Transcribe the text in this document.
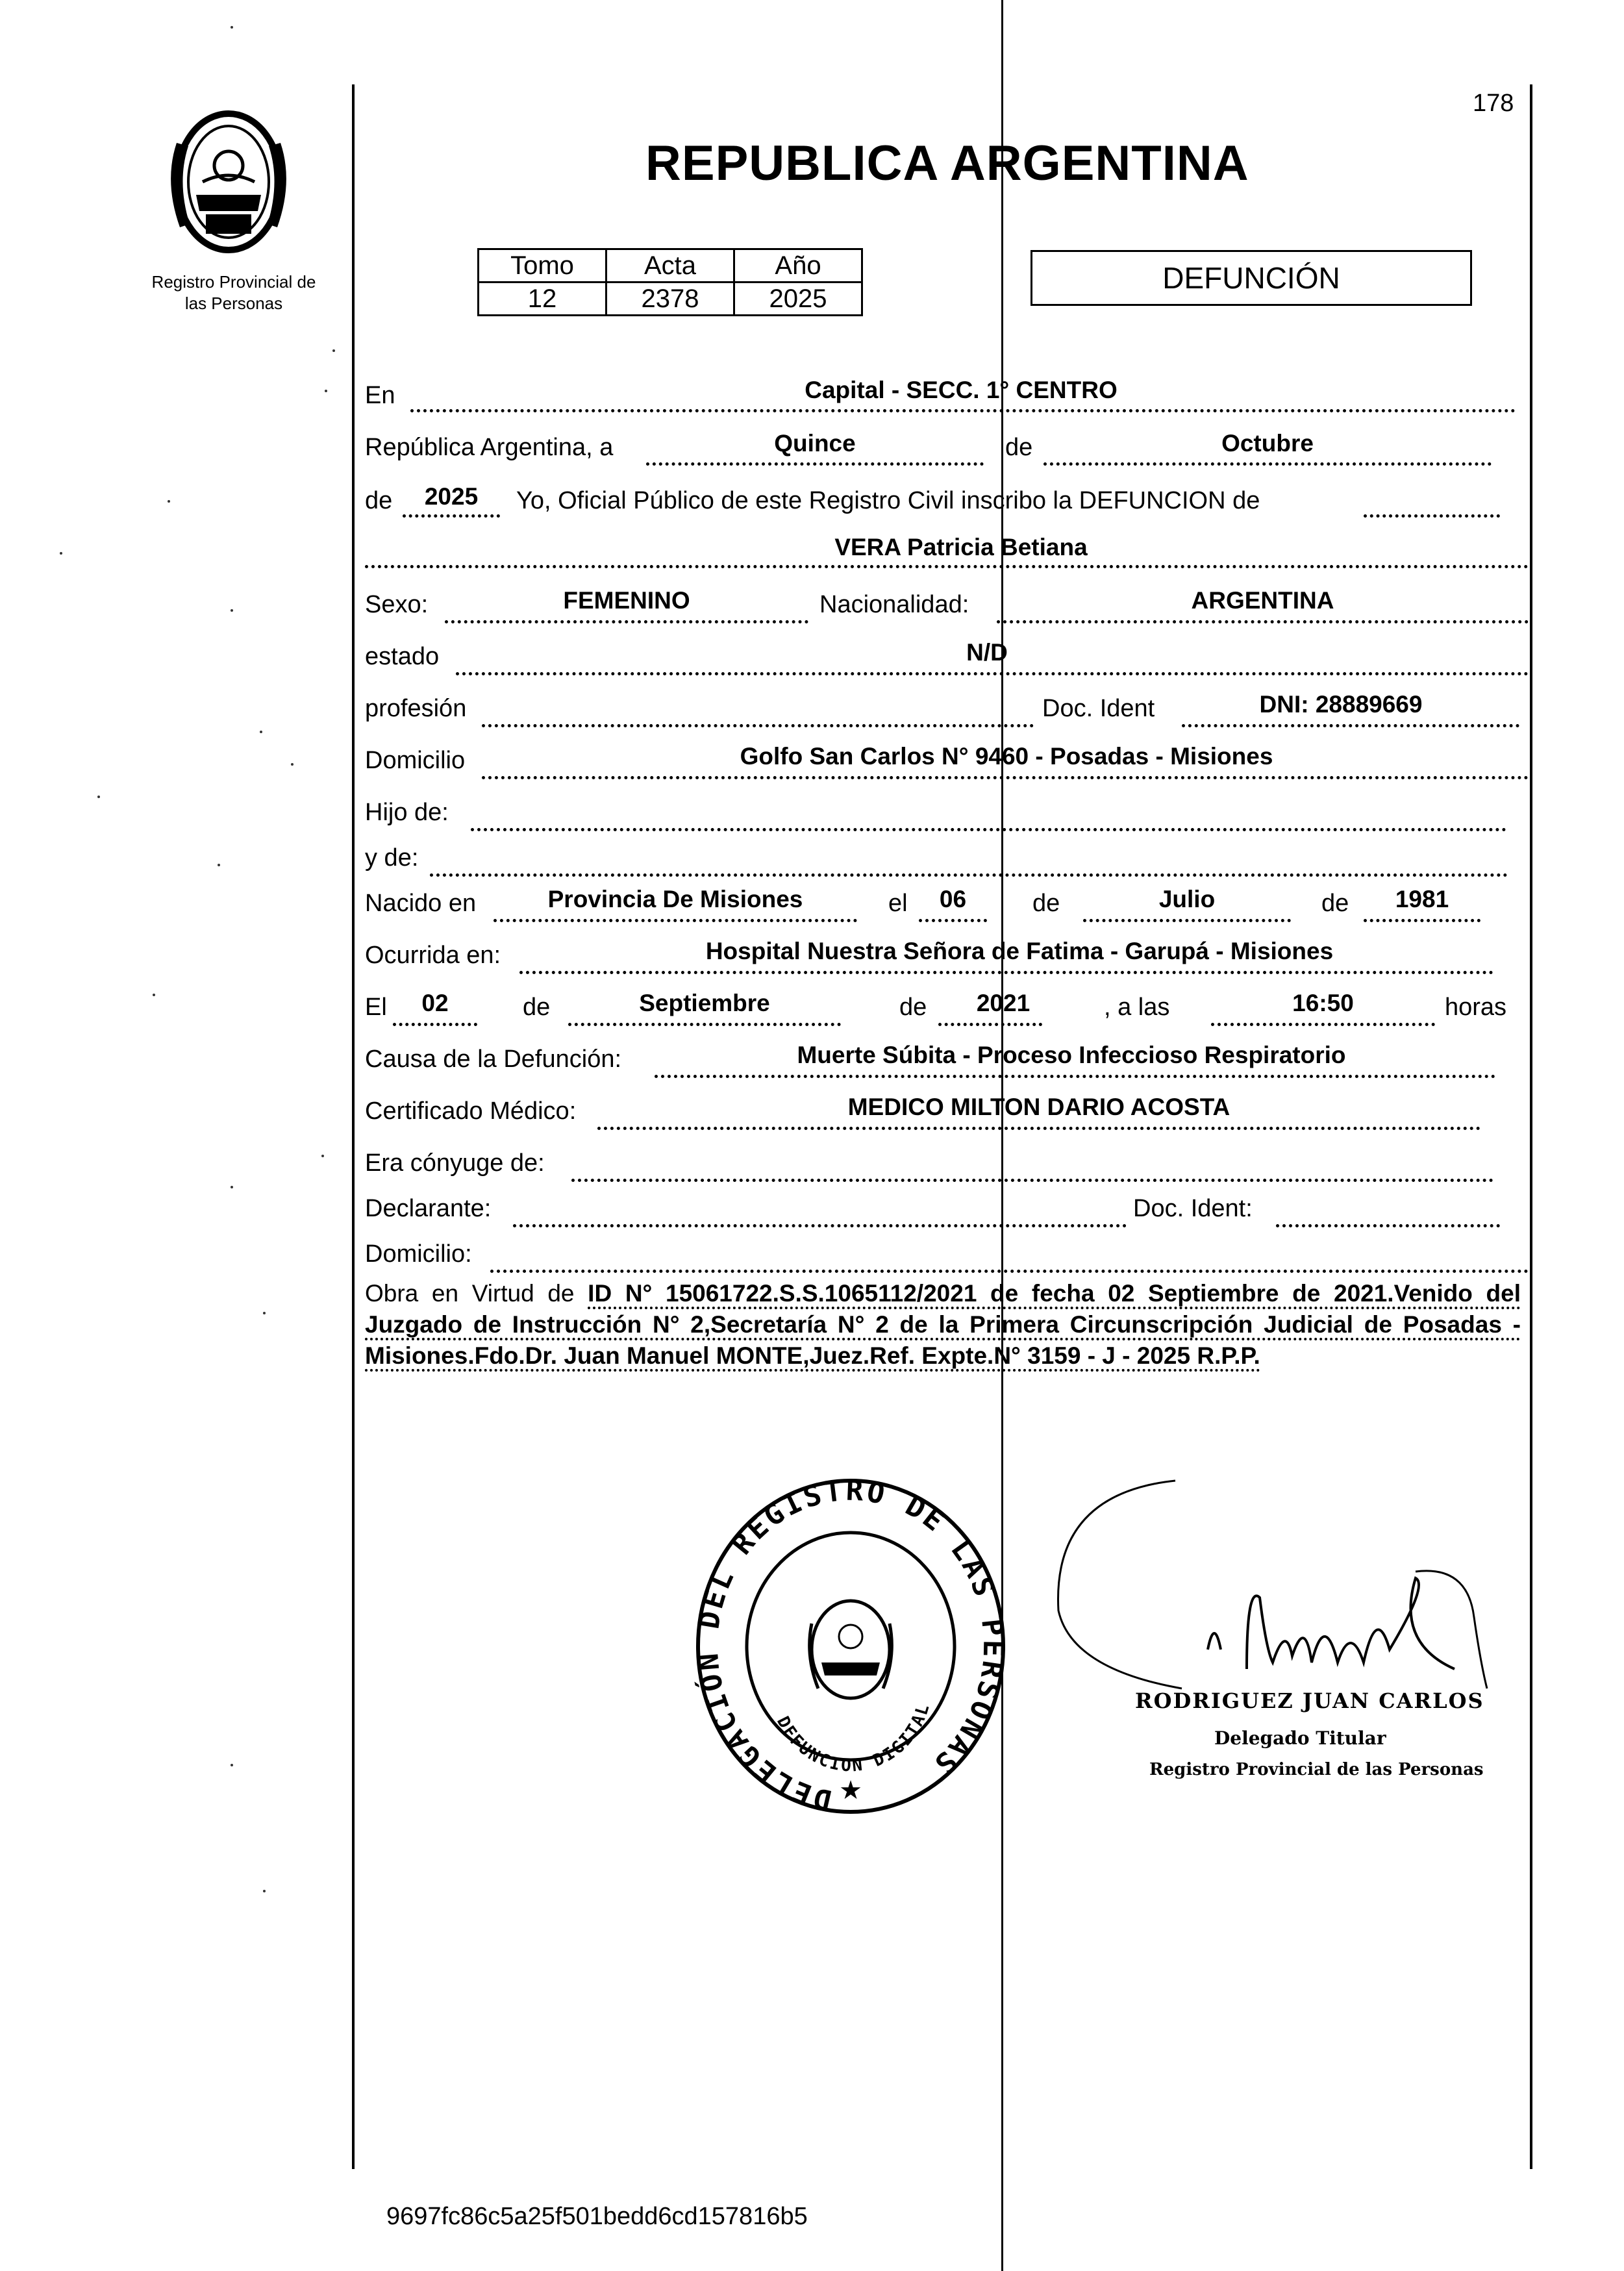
Registro Provincial de
las Personas
178
REPUBLICA ARGENTINA
Tomo	Acta	Año
12	2378	2025
DEFUNCIÓN
En	Capital - SECC. 1° CENTRO
República Argentina, a	Quince	de	Octubre
de	2025	Yo, Oficial Público de este Registro Civil inscribo la DEFUNCION de
VERA Patricia Betiana
Sexo:	FEMENINO	Nacionalidad:	ARGENTINA
estado	N/D
profesión	Doc. Ident	DNI: 28889669
Domicilio	Golfo San Carlos N° 9460 - Posadas - Misiones
Hijo de:
y de:
Nacido en	Provincia De Misiones	el	06	de	Julio	de	1981
Ocurrida en:	Hospital Nuestra Señora de Fatima - Garupá - Misiones
El	02	de	Septiembre	de	2021	, a las	16:50	horas
Causa de la Defunción:	Muerte Súbita - Proceso Infeccioso Respiratorio
Certificado Médico:	MEDICO MILTON DARIO ACOSTA
Era cónyuge de:
Declarante:	Doc. Ident:
Domicilio:
Obra en Virtud de ID N° 15061722.S.S.1065112/2021 de fecha 02 Septiembre de 2021.Venido del Juzgado de Instrucción N° 2,Secretaría N° 2 de la Primera Circunscripción Judicial de Posadas - Misiones.Fdo.Dr. Juan Manuel MONTE,Juez.Ref. Expte.N° 3159 - J - 2025 R.P.P.
DELEGACIÓN DEL REGISTRO DE LAS PERSONAS
DEFUNCION DIGITAL
★
RODRIGUEZ JUAN CARLOS
Delegado Titular
Registro Provincial de las Personas
9697fc86c5a25f501bedd6cd157816b5
